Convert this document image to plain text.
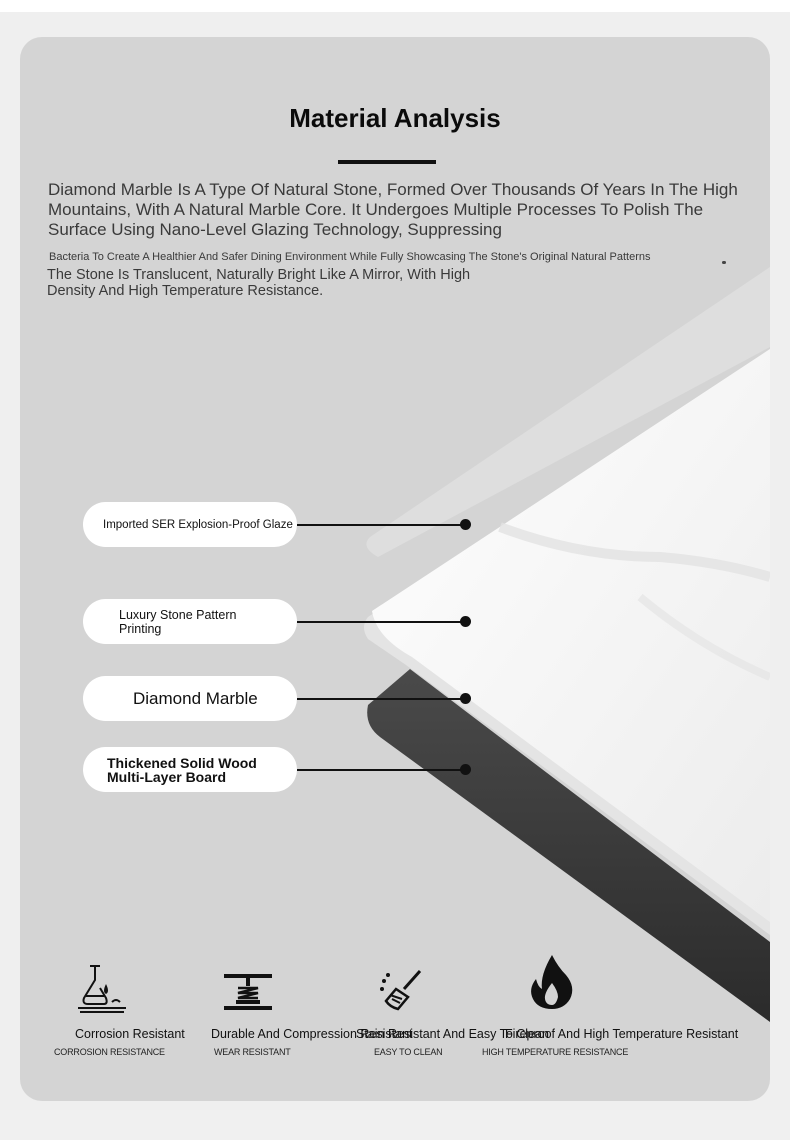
Material Analysis
Diamond Marble Is A Type Of Natural Stone, Formed Over Thousands Of Years In The High Mountains, With A Natural Marble Core. It Undergoes Multiple Processes To Polish The Surface Using Nano-Level Glazing Technology, Suppressing
Bacteria To Create A Healthier And Safer Dining Environment While Fully Showcasing The Stone's Original Natural Patterns
The Stone Is Translucent, Naturally Bright Like A Mirror, With High Density And High Temperature Resistance.
Imported SER Explosion-Proof Glaze
Luxury Stone Pattern Printing
Diamond Marble
Thickened Solid Wood Multi-Layer Board
Corrosion Resistant Durable And Compression Resistant
Stain Resistant And Easy To Clean
Fireproof And High Temperature Resistant
CORROSION RESISTANCE	WEAR RESISTANT	EASY TO CLEAN	HIGH TEMPERATURE RESISTANCE
